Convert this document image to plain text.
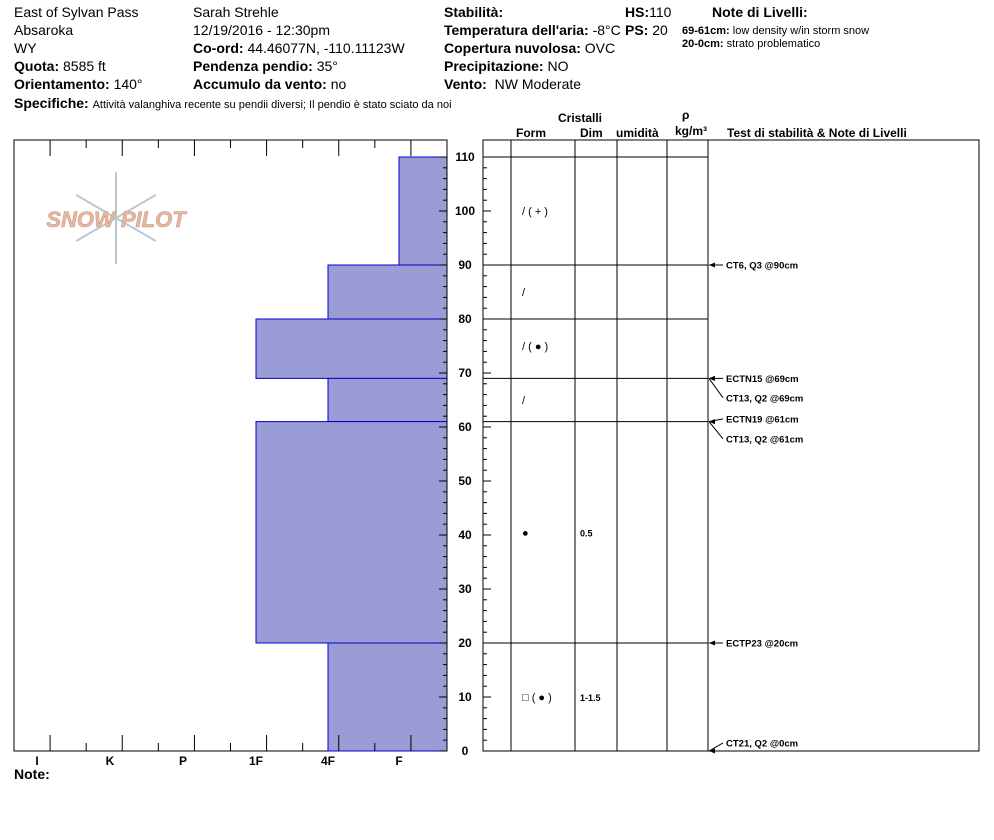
East of Sylvan Pass
Absaroka
WY
Quota: 8585 ft
Orientamento: 140°
Sarah Strehle
12/19/2016 - 12:30pm
Co-ord: 44.46077N, -110.11123W
Pendenza pendio: 35°
Accumulo da vento: no
Stabilità:
Temperatura dell'aria: -8°C
Copertura nuvolosa: OVC
Precipitazione: NO
Vento: NW Moderate
HS:110
PS: 20
Note di Livelli:
69-61cm: low density w/in storm snow
20-0cm: strato problematico
Specifiche: Attività valanghiva recente su pendii diversi; Il pendio è stato sciato da noi
Cristalli
Form	Dim umidità
ρ
kg/m³ Test di stabilità & Note di Livelli
SNOW PILOT
I	K	P	1F	4F	F
0
10
20
30
40
50
60
70
80
90
100
110
/ ( + )
/
/ ( ● )
/
●	0.5
□ ( ● )	1-1.5
CT6, Q3 @90cm
ECTN15 @69cm
CT13, Q2 @69cm
ECTN19 @61cm
CT13, Q2 @61cm
ECTP23 @20cm
CT21, Q2 @0cm
Note:
